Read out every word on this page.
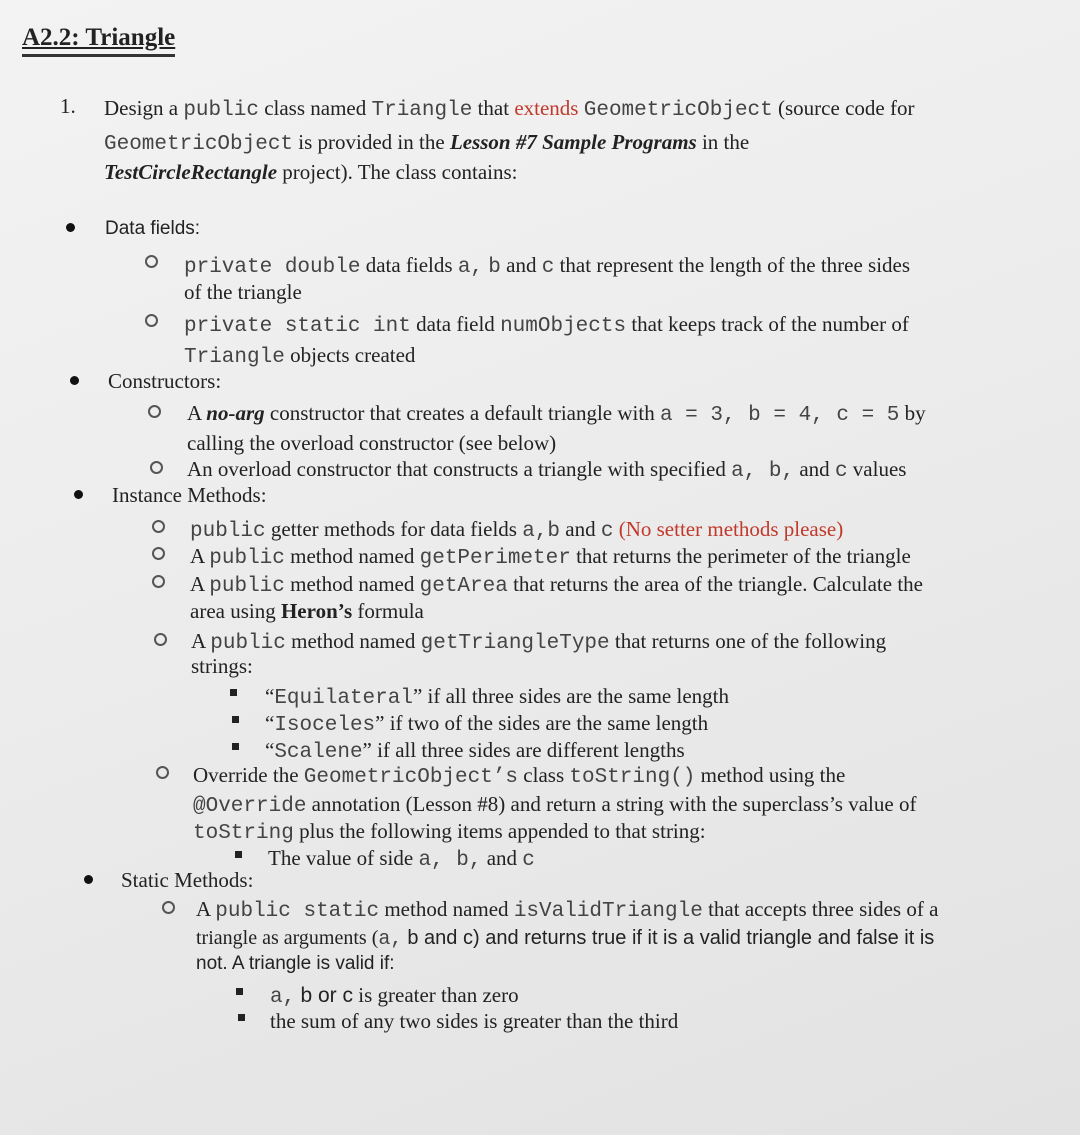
A2.2: Triangle
1. Design a public class named Triangle that extends GeometricObject (source code for
GeometricObject is provided in the Lesson #7 Sample Programs in the
TestCircleRectangle project). The class contains:
Data fields:
private double data fields a, b and c that represent the length of the three sides
of the triangle
private static int data field numObjects that keeps track of the number of
Triangle objects created
Constructors:
A no-arg constructor that creates a default triangle with a = 3, b = 4, c = 5 by
calling the overload constructor (see below)
An overload constructor that constructs a triangle with specified a, b, and c values
Instance Methods:
public getter methods for data fields a,b and c (No setter methods please)
A public method named getPerimeter that returns the perimeter of the triangle
A public method named getArea that returns the area of the triangle. Calculate the
area using Heron’s formula
A public method named getTriangleType that returns one of the following
strings:
“Equilateral” if all three sides are the same length
“Isoceles” if two of the sides are the same length
“Scalene” if all three sides are different lengths
Override the GeometricObject’s class toString() method using the
@Override annotation (Lesson #8) and return a string with the superclass’s value of
toString plus the following items appended to that string:
The value of side a, b, and c
Static Methods:
A public static method named isValidTriangle that accepts three sides of a
triangle as arguments (a, b and c) and returns true if it is a valid triangle and false it is
not. A triangle is valid if:
a, b or c is greater than zero
the sum of any two sides is greater than the third
